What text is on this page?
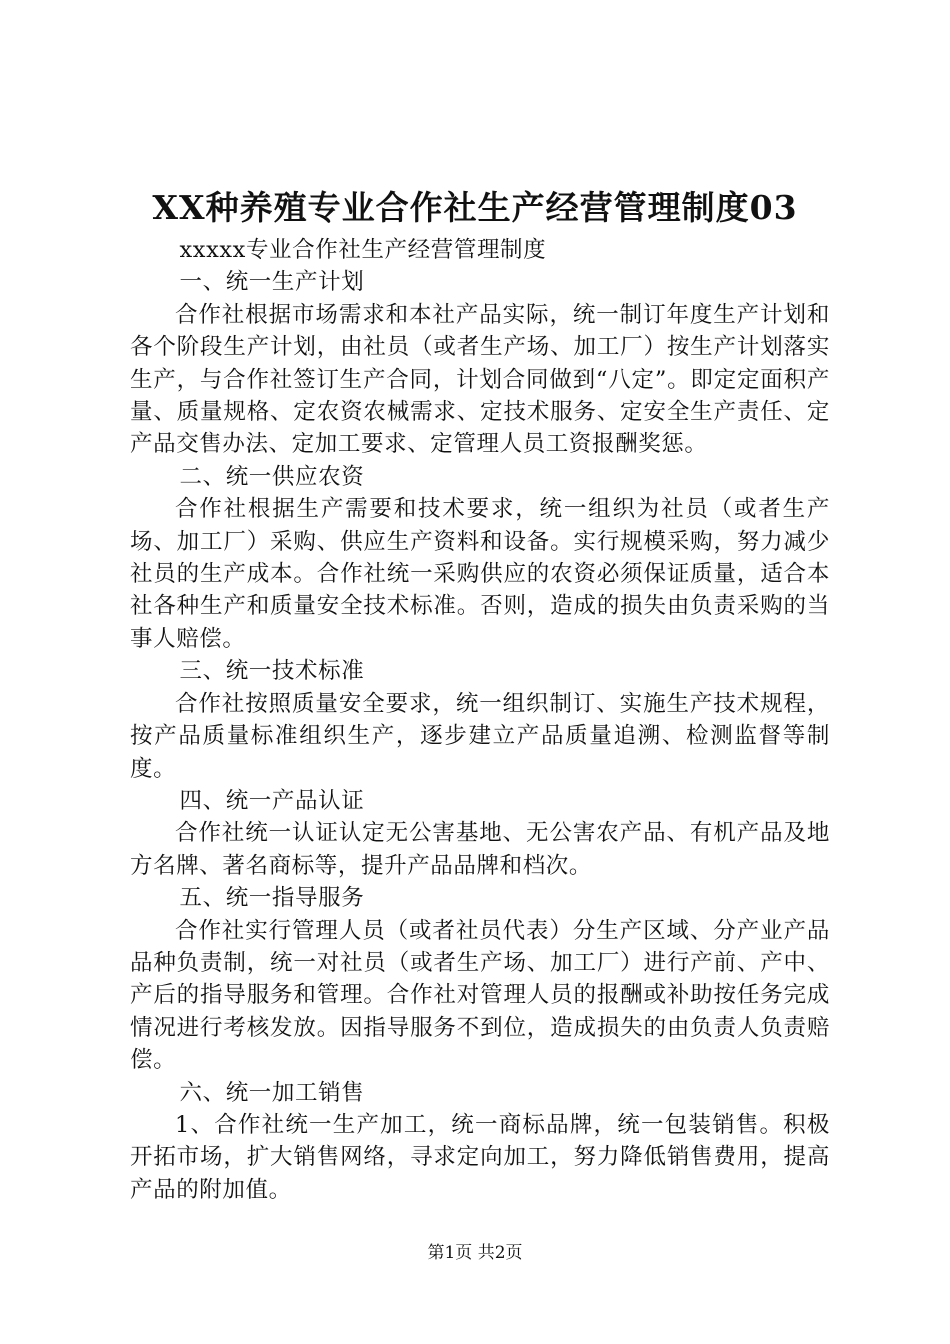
XX种养殖专业合作社生产经营管理制度03

xxxxx专业合作社生产经营管理制度

一、统一生产计划

合作社根据市场需求和本社产品实际，统一制订年度生产计划和各个阶段生产计划，由社员（或者生产场、加工厂）按生产计划落实生产，与合作社签订生产合同，计划合同做到“八定”。即定定面积产量、质量规格、定农资农械需求、定技术服务、定安全生产责任、定产品交售办法、定加工要求、定管理人员工资报酬奖惩。

二、统一供应农资

合作社根据生产需要和技术要求，统一组织为社员（或者生产场、加工厂）采购、供应生产资料和设备。实行规模采购，努力减少社员的生产成本。合作社统一采购供应的农资必须保证质量，适合本社各种生产和质量安全技术标准。否则，造成的损失由负责采购的当事人赔偿。

三、统一技术标准

合作社按照质量安全要求，统一组织制订、实施生产技术规程，按产品质量标准组织生产，逐步建立产品质量追溯、检测监督等制度。

四、统一产品认证

合作社统一认证认定无公害基地、无公害农产品、有机产品及地方名牌、著名商标等，提升产品品牌和档次。

五、统一指导服务

合作社实行管理人员（或者社员代表）分生产区域、分产业产品品种负责制，统一对社员（或者生产场、加工厂）进行产前、产中、产后的指导服务和管理。合作社对管理人员的报酬或补助按任务完成情况进行考核发放。因指导服务不到位，造成损失的由负责人负责赔偿。

六、统一加工销售

1、合作社统一生产加工，统一商标品牌，统一包装销售。积极开拓市场，扩大销售网络，寻求定向加工，努力降低销售费用，提高产品的附加值。

第1页 共2页
